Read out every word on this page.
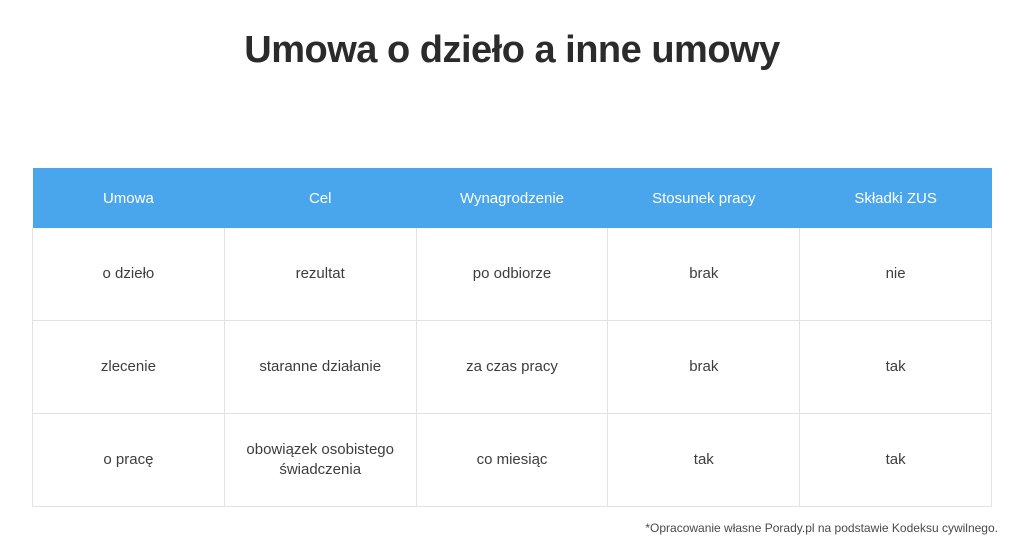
Umowa o dzieło a inne umowy
Umowa	Cel	Wynagrodzenie	Stosunek pracy	Składki ZUS
o dzieło	rezultat	po odbiorze	brak	nie
zlecenie	staranne działanie	za czas pracy	brak	tak
o pracę	obowiązek osobistego świadczenia	co miesiąc	tak	tak
*Opracowanie własne Porady.pl na podstawie Kodeksu cywilnego.
